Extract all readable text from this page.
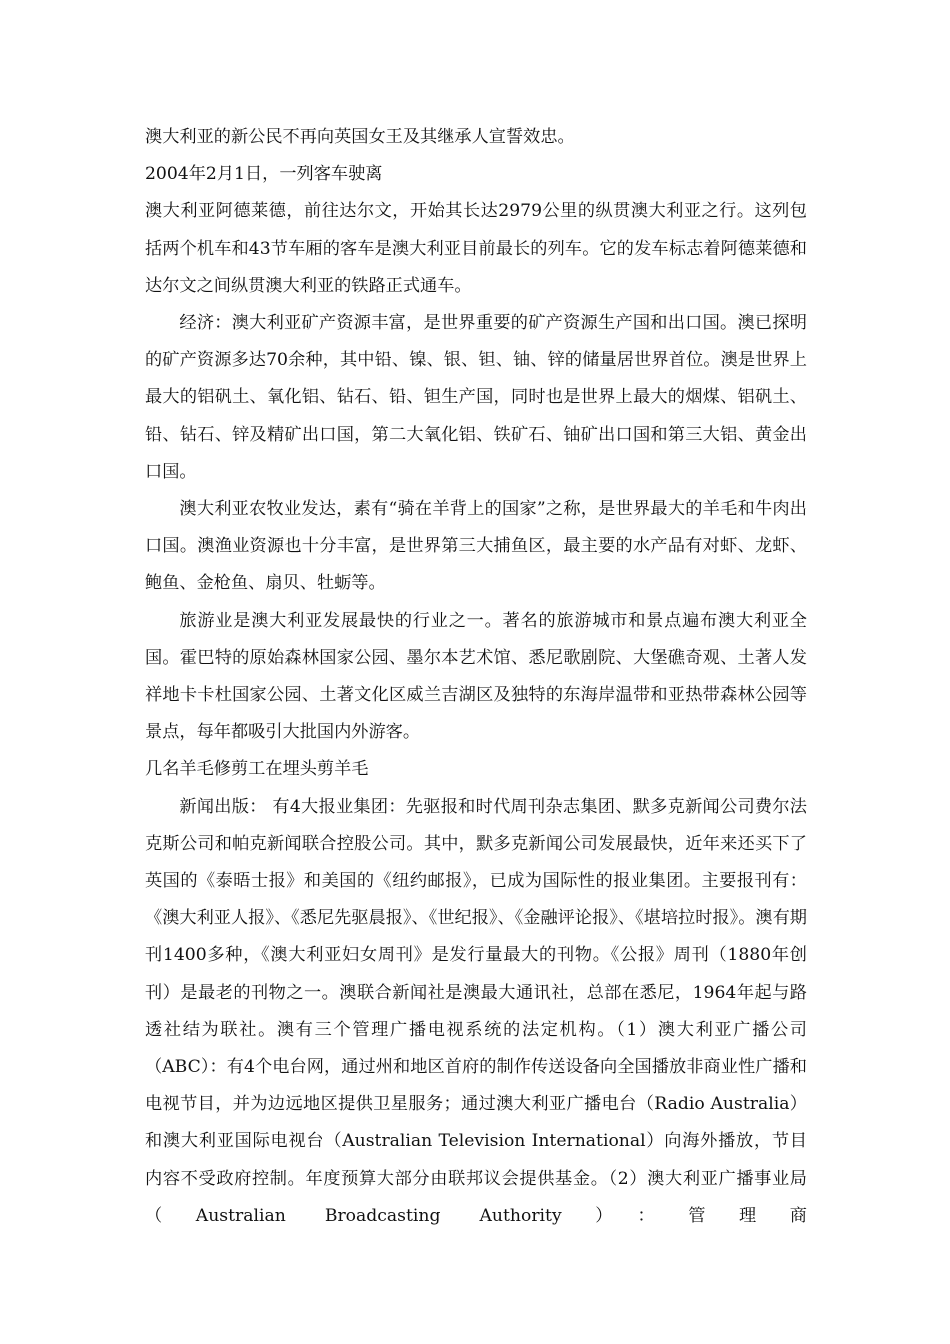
澳大利亚的新公民不再向英国女王及其继承人宣誓效忠。

2004年2月1日，一列客车驶离

澳大利亚阿德莱德，前往达尔文，开始其长达2979公里的纵贯澳大利亚之行。这列包括两个机车和43节车厢的客车是澳大利亚目前最长的列车。它的发车标志着阿德莱德和达尔文之间纵贯澳大利亚的铁路正式通车。

经济：澳大利亚矿产资源丰富，是世界重要的矿产资源生产国和出口国。澳已探明的矿产资源多达70余种，其中铅、镍、银、钽、铀、锌的储量居世界首位。澳是世界上最大的铝矾土、氧化铝、钻石、铅、钽生产国，同时也是世界上最大的烟煤、铝矾土、铅、钻石、锌及精矿出口国，第二大氧化铝、铁矿石、铀矿出口国和第三大铝、黄金出口国。

澳大利亚农牧业发达，素有“骑在羊背上的国家”之称，是世界最大的羊毛和牛肉出口国。澳渔业资源也十分丰富，是世界第三大捕鱼区，最主要的水产品有对虾、龙虾、鲍鱼、金枪鱼、扇贝、牡蛎等。

旅游业是澳大利亚发展最快的行业之一。著名的旅游城市和景点遍布澳大利亚全国。霍巴特的原始森林国家公园、墨尔本艺术馆、悉尼歌剧院、大堡礁奇观、土著人发祥地卡卡杜国家公园、土著文化区威兰吉湖区及独特的东海岸温带和亚热带森林公园等景点，每年都吸引大批国内外游客。

几名羊毛修剪工在埋头剪羊毛

新闻出版： 有4大报业集团：先驱报和时代周刊杂志集团、默多克新闻公司费尔法克斯公司和帕克新闻联合控股公司。其中，默多克新闻公司发展最快，近年来还买下了英国的《泰晤士报》和美国的《纽约邮报》，已成为国际性的报业集团。主要报刊有：《澳大利亚人报》、《悉尼先驱晨报》、《世纪报》、《金融评论报》、《堪培拉时报》。澳有期刊1400多种，《澳大利亚妇女周刊》是发行量最大的刊物。《公报》周刊（1880年创刊）是最老的刊物之一。澳联合新闻社是澳最大通讯社，总部在悉尼，1964年起与路透社结为联社。澳有三个管理广播电视系统的法定机构。（1）澳大利亚广播公司（ABC）：有4个电台网，通过州和地区首府的制作传送设备向全国播放非商业性广播和电视节目，并为边远地区提供卫星服务；通过澳大利亚广播电台（Radio Australia）和澳大利亚国际电视台（Australian Television International）向海外播放，节目内容不受政府控制。年度预算大部分由联邦议会提供基金。（2）澳大利亚广播事业局（Australian Broadcasting Authority）：管理商
